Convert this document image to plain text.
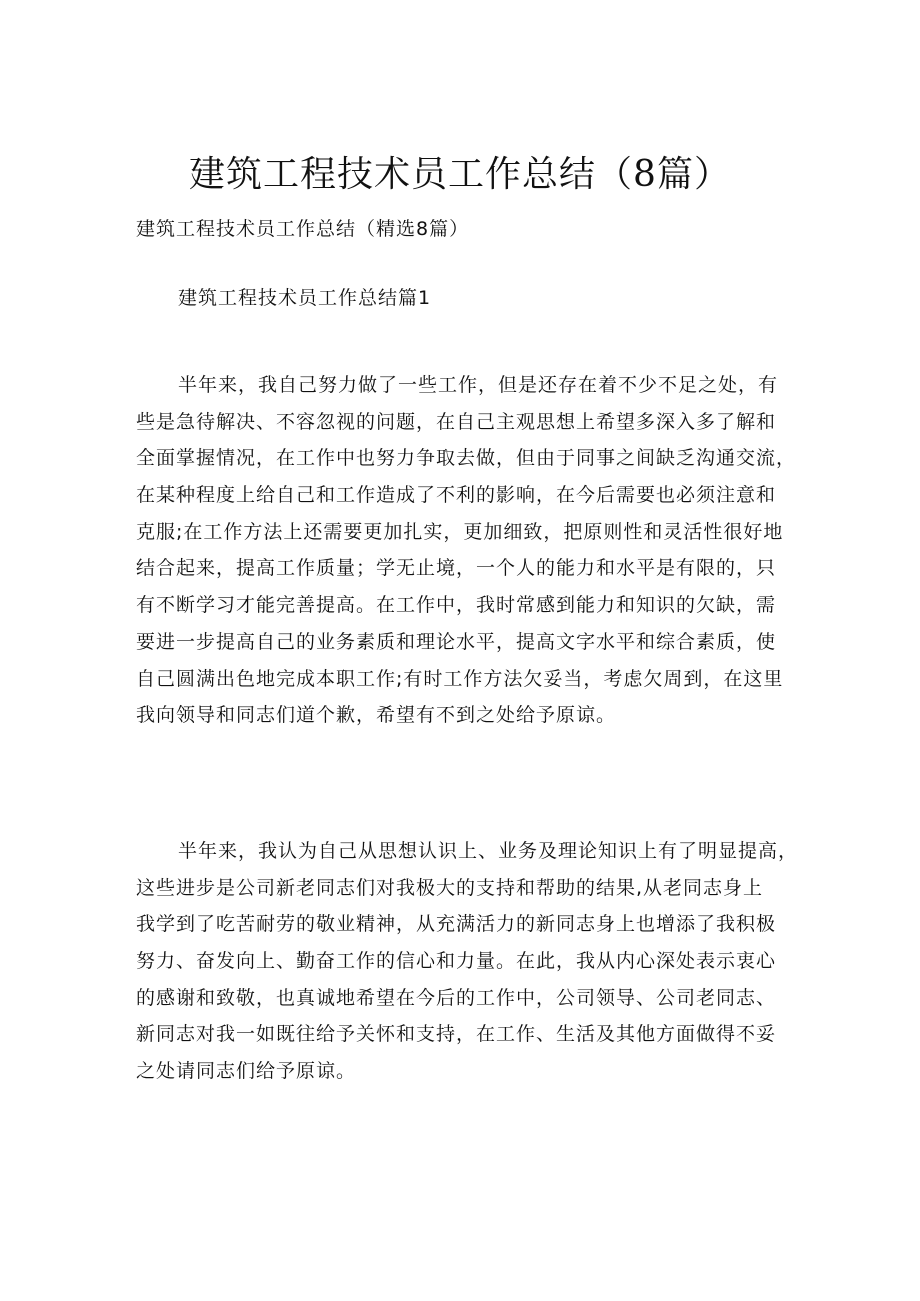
建筑工程技术员工作总结（8篇）

建筑工程技术员工作总结（精选8篇）

建筑工程技术员工作总结篇1
半年来，我自己努力做了一些工作，但是还存在着不少不足之处，有
些是急待解决、不容忽视的问题，在自己主观思想上希望多深入多了解和
全面掌握情况，在工作中也努力争取去做，但由于同事之间缺乏沟通交流，
在某种程度上给自己和工作造成了不利的影响，在今后需要也必须注意和
克服;在工作方法上还需要更加扎实，更加细致，把原则性和灵活性很好地
结合起来，提高工作质量；学无止境，一个人的能力和水平是有限的，只
有不断学习才能完善提高。在工作中，我时常感到能力和知识的欠缺，需
要进一步提高自己的业务素质和理论水平，提高文字水平和综合素质，使
自己圆满出色地完成本职工作;有时工作方法欠妥当，考虑欠周到，在这里
我向领导和同志们道个歉，希望有不到之处给予原谅。
半年来，我认为自己从思想认识上、业务及理论知识上有了明显提高，
这些进步是公司新老同志们对我极大的支持和帮助的结果,从老同志身上
我学到了吃苦耐劳的敬业精神，从充满活力的新同志身上也增添了我积极
努力、奋发向上、勤奋工作的信心和力量。在此，我从内心深处表示衷心
的感谢和致敬，也真诚地希望在今后的工作中，公司领导、公司老同志、
新同志对我一如既往给予关怀和支持，在工作、生活及其他方面做得不妥
之处请同志们给予原谅。
